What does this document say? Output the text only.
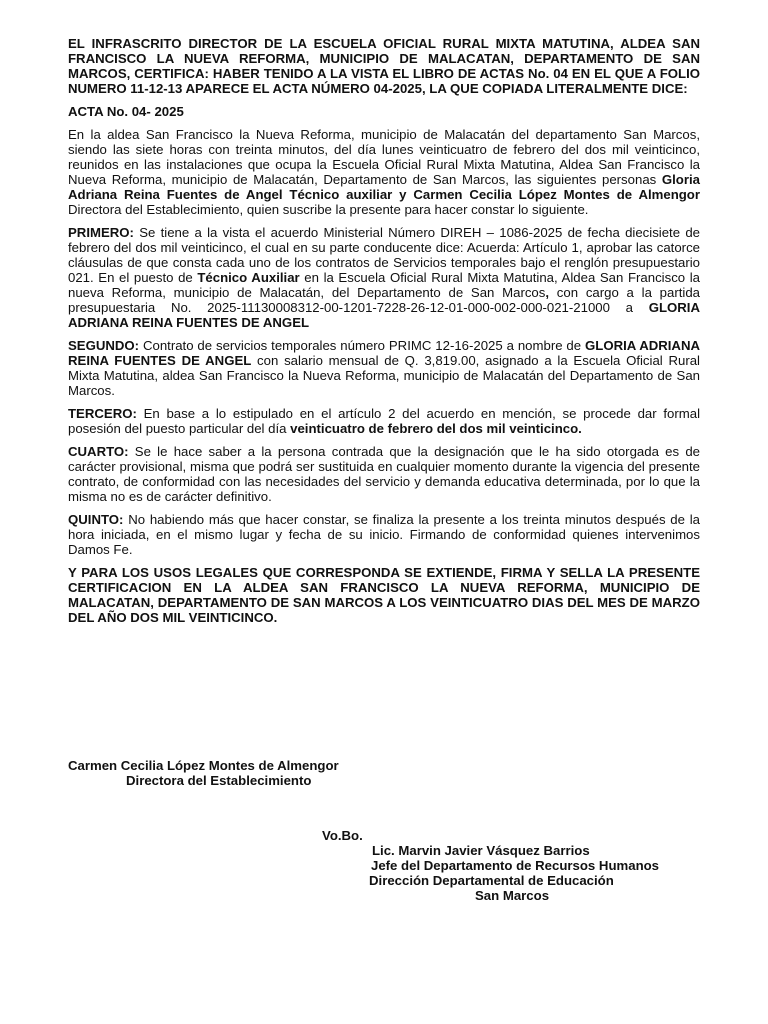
EL INFRASCRITO DIRECTOR DE LA ESCUELA OFICIAL RURAL MIXTA MATUTINA, ALDEA SAN FRANCISCO LA NUEVA REFORMA, MUNICIPIO DE MALACATAN, DEPARTAMENTO DE SAN MARCOS, CERTIFICA: HABER TENIDO A LA VISTA EL LIBRO DE ACTAS No. 04 EN EL QUE A FOLIO NUMERO 11-12-13 APARECE EL ACTA NÚMERO 04-2025, LA QUE COPIADA LITERALMENTE DICE:

ACTA No. 04- 2025

En la aldea San Francisco la Nueva Reforma, municipio de Malacatán del departamento San Marcos, siendo las siete horas con treinta minutos, del día lunes veinticuatro de febrero del dos mil veinticinco, reunidos en las instalaciones que ocupa la Escuela Oficial Rural Mixta Matutina, Aldea San Francisco la Nueva Reforma, municipio de Malacatán, Departamento de San Marcos, las siguientes personas Gloria Adriana Reina Fuentes de Angel Técnico auxiliar y Carmen Cecilia López Montes de Almengor Directora del Establecimiento, quien suscribe la presente para hacer constar lo siguiente.

PRIMERO: Se tiene a la vista el acuerdo Ministerial Número DIREH – 1086-2025 de fecha diecisiete de febrero del dos mil veinticinco, el cual en su parte conducente dice: Acuerda: Artículo 1, aprobar las catorce cláusulas de que consta cada uno de los contratos de Servicios temporales bajo el renglón presupuestario 021. En el puesto de Técnico Auxiliar en la Escuela Oficial Rural Mixta Matutina, Aldea San Francisco la nueva Reforma, municipio de Malacatán, del Departamento de San Marcos, con cargo a la partida presupuestaria No. 2025-11130008312-00-1201-7228-26-12-01-000-002-000-021-21000 a GLORIA ADRIANA REINA FUENTES DE ANGEL

SEGUNDO: Contrato de servicios temporales número PRIMC 12-16-2025 a nombre de GLORIA ADRIANA REINA FUENTES DE ANGEL con salario mensual de Q. 3,819.00, asignado a la Escuela Oficial Rural Mixta Matutina, aldea San Francisco la Nueva Reforma, municipio de Malacatán del Departamento de San Marcos.

TERCERO: En base a lo estipulado en el artículo 2 del acuerdo en mención, se procede dar formal posesión del puesto particular del día veinticuatro de febrero del dos mil veinticinco.

CUARTO: Se le hace saber a la persona contrada que la designación que le ha sido otorgada es de carácter provisional, misma que podrá ser sustituida en cualquier momento durante la vigencia del presente contrato, de conformidad con las necesidades del servicio y demanda educativa determinada, por lo que la misma no es de carácter definitivo.

QUINTO: No habiendo más que hacer constar, se finaliza la presente a los treinta minutos después de la hora iniciada, en el mismo lugar y fecha de su inicio. Firmando de conformidad quienes intervenimos Damos Fe.

Y PARA LOS USOS LEGALES QUE CORRESPONDA SE EXTIENDE, FIRMA Y SELLA LA PRESENTE CERTIFICACION EN LA ALDEA SAN FRANCISCO LA NUEVA REFORMA, MUNICIPIO DE MALACATAN, DEPARTAMENTO DE SAN MARCOS A LOS VEINTICUATRO DIAS DEL MES DE MARZO DEL AÑO DOS MIL VEINTICINCO.

Carmen Cecilia López Montes de Almengor
Directora del Establecimiento
Vo.Bo.
Lic. Marvin Javier Vásquez Barrios
Jefe del Departamento de Recursos Humanos
Dirección Departamental de Educación
San Marcos
